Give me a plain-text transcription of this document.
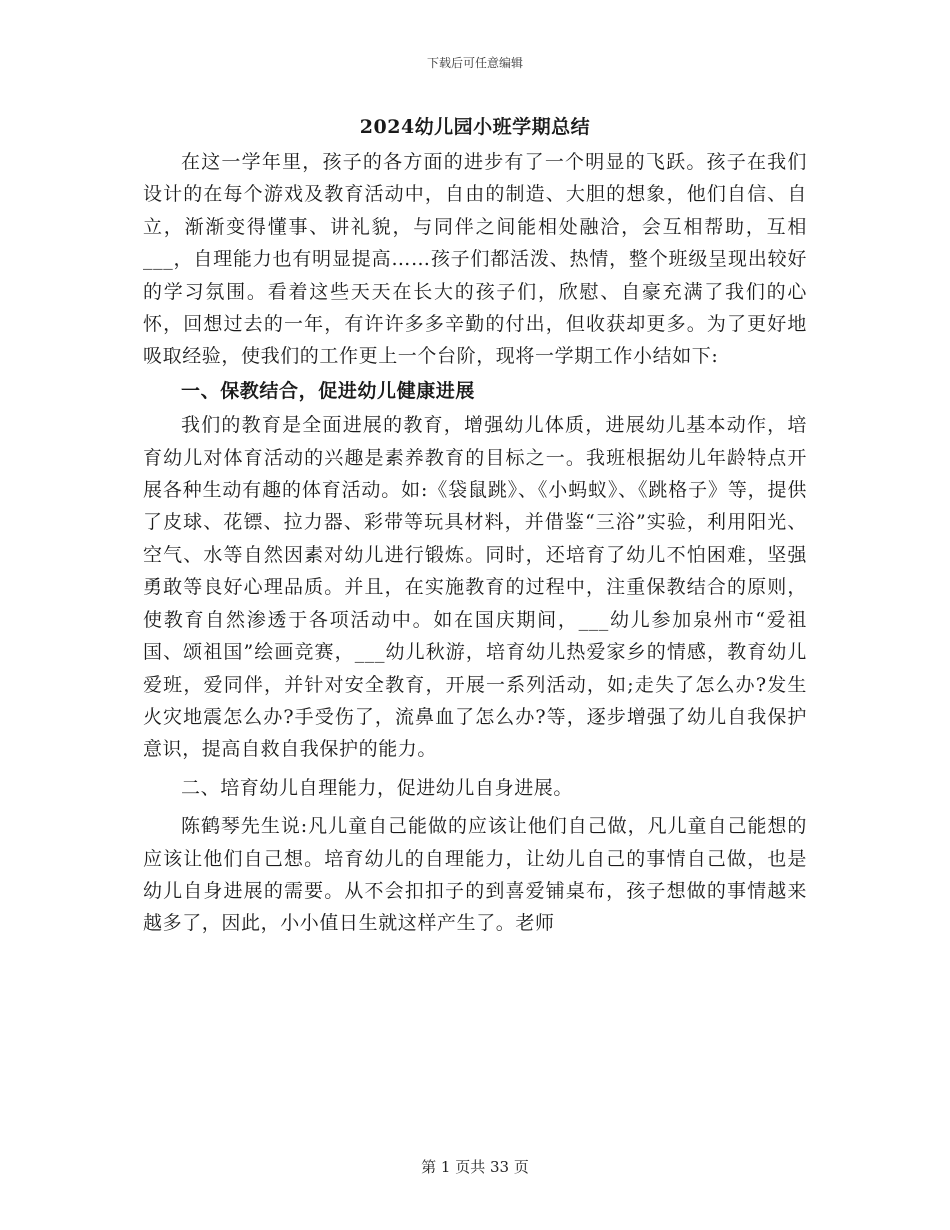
下载后可任意编辑
2024幼儿园小班学期总结

在这一学年里，孩子的各方面的进步有了一个明显的飞跃。孩子在我们设计的在每个游戏及教育活动中，自由的制造、大胆的想象，他们自信、自立，渐渐变得懂事、讲礼貌，与同伴之间能相处融洽，会互相帮助，互相___，自理能力也有明显提高……孩子们都活泼、热情，整个班级呈现出较好的学习氛围。看着这些天天在长大的孩子们，欣慰、自豪充满了我们的心怀，回想过去的一年，有许许多多辛勤的付出，但收获却更多。为了更好地吸取经验，使我们的工作更上一个台阶，现将一学期工作小结如下:

一、保教结合，促进幼儿健康进展

我们的教育是全面进展的教育，增强幼儿体质，进展幼儿基本动作，培育幼儿对体育活动的兴趣是素养教育的目标之一。我班根据幼儿年龄特点开展各种生动有趣的体育活动。如:《袋鼠跳》、《小蚂蚁》、《跳格子》等，提供了皮球、花镖、拉力器、彩带等玩具材料，并借鉴“三浴”实验，利用阳光、空气、水等自然因素对幼儿进行锻炼。同时，还培育了幼儿不怕困难，坚强勇敢等良好心理品质。并且，在实施教育的过程中，注重保教结合的原则，使教育自然渗透于各项活动中。如在国庆期间，___幼儿参加泉州市“爱祖国、颂祖国”绘画竞赛，___幼儿秋游，培育幼儿热爱家乡的情感，教育幼儿爱班，爱同伴，并针对安全教育，开展一系列活动，如;走失了怎么办?发生火灾地震怎么办?手受伤了，流鼻血了怎么办?等，逐步增强了幼儿自我保护意识，提高自救自我保护的能力。

二、培育幼儿自理能力，促进幼儿自身进展。

陈鹤琴先生说:凡儿童自己能做的应该让他们自己做，凡儿童自己能想的应该让他们自己想。培育幼儿的自理能力，让幼儿自己的事情自己做，也是幼儿自身进展的需要。从不会扣扣子的到喜爱铺桌布，孩子想做的事情越来越多了，因此，小小值日生就这样产生了。老师

第 1 页共 33 页
